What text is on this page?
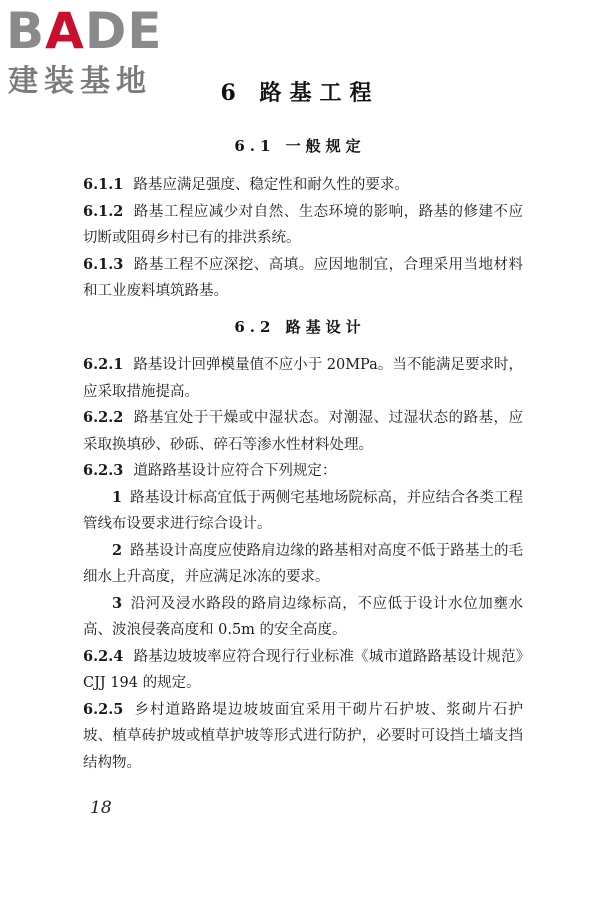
BADE
建装基地	6 路基工程
6.1 一般规定

6.1.1 路基应满足强度、稳定性和耐久性的要求。

6.1.2 路基工程应减少对自然、生态环境的影响，路基的修建不应切断或阻碍乡村已有的排洪系统。

6.1.3 路基工程不应深挖、高填。应因地制宜，合理采用当地材料和工业废料填筑路基。

6.2 路基设计

6.2.1 路基设计回弹模量值不应小于 20MPa。当不能满足要求时，应采取措施提高。

6.2.2 路基宜处于干燥或中湿状态。对潮湿、过湿状态的路基，应采取换填砂、砂砾、碎石等渗水性材料处理。

6.2.3 道路路基设计应符合下列规定：

1 路基设计标高宜低于两侧宅基地场院标高，并应结合各类工程管线布设要求进行综合设计。

2 路基设计高度应使路肩边缘的路基相对高度不低于路基土的毛细水上升高度，并应满足冰冻的要求。

3 沿河及浸水路段的路肩边缘标高，不应低于设计水位加壅水高、波浪侵袭高度和 0.5m 的安全高度。

6.2.4 路基边坡坡率应符合现行行业标准《城市道路路基设计规范》CJJ 194 的规定。

6.2.5 乡村道路路堤边坡坡面宜采用干砌片石护坡、浆砌片石护坡、植草砖护坡或植草护坡等形式进行防护，必要时可设挡土墙支挡结构物。

18
